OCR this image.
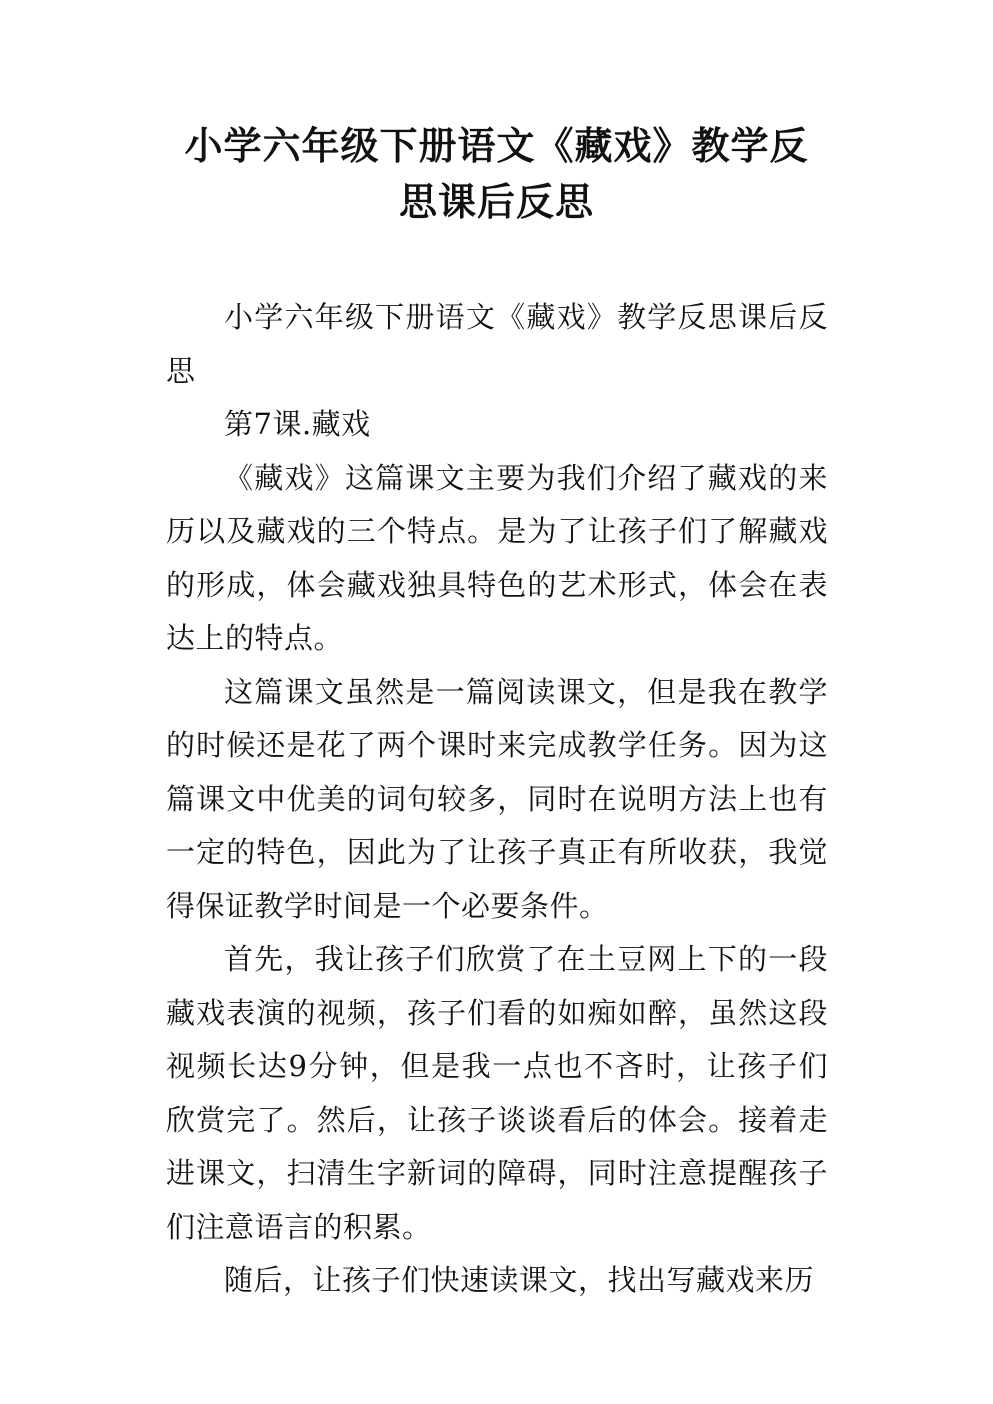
小学六年级下册语文《藏戏》教学反
思课后反思

小学六年级下册语文《藏戏》教学反思课后反思

第7课.藏戏

《藏戏》这篇课文主要为我们介绍了藏戏的来历以及藏戏的三个特点。是为了让孩子们了解藏戏的形成，体会藏戏独具特色的艺术形式，体会在表达上的特点。

这篇课文虽然是一篇阅读课文，但是我在教学的时候还是花了两个课时来完成教学任务。因为这篇课文中优美的词句较多，同时在说明方法上也有一定的特色，因此为了让孩子真正有所收获，我觉得保证教学时间是一个必要条件。

首先，我让孩子们欣赏了在土豆网上下的一段藏戏表演的视频，孩子们看的如痴如醉，虽然这段视频长达9分钟，但是我一点也不吝时，让孩子们欣赏完了。然后，让孩子谈谈看后的体会。接着走进课文，扫清生字新词的障碍，同时注意提醒孩子们注意语言的积累。

随后，让孩子们快速读课文，找出写藏戏来历
